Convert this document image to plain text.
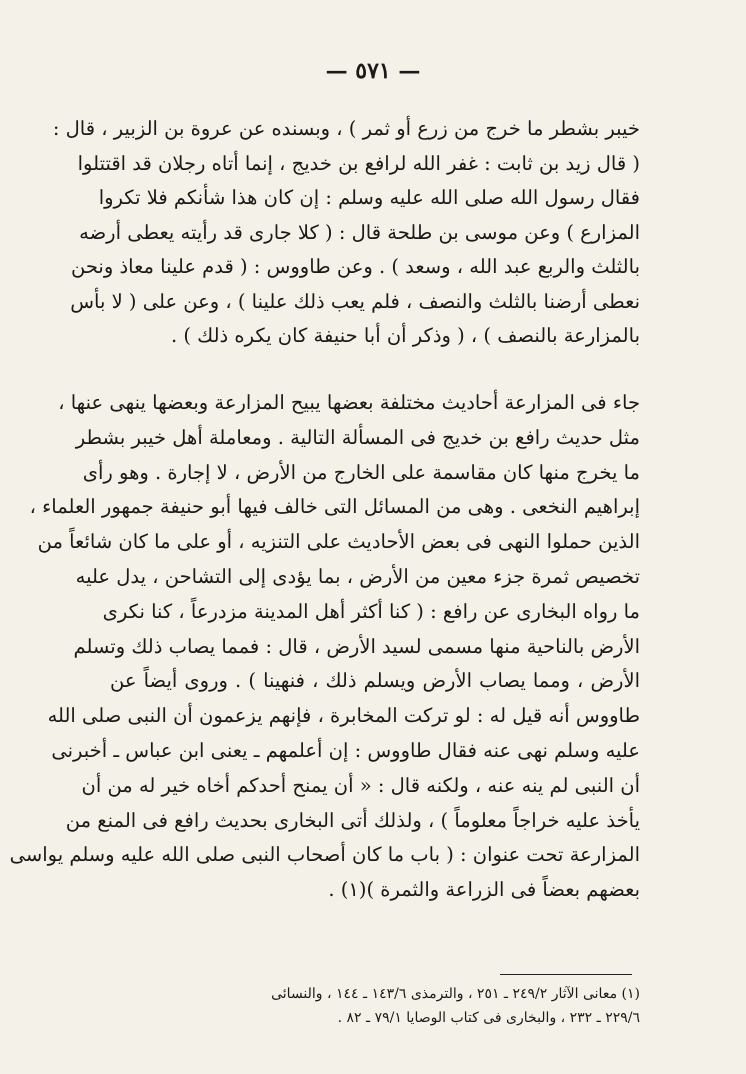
— ٥٧١ —
خيبر بشطر ما خرج من زرع أو ثمر ) ، وبسنده عن عروة بن الزبير ، قال :
( قال زيد بن ثابت : غفر الله لرافع بن خديج ، إنما أتاه رجلان قد اقتتلوا
فقال رسول الله صلى الله عليه وسلم : إن كان هذا شأنكم فلا تكروا
المزارع ) وعن موسى بن طلحة قال : ( كلا جارى قد رأيته يعطى أرضه
بالثلث والربع عبد الله ، وسعد ) . وعن طاووس : ( قدم علينا معاذ ونحن
نعطى أرضنا بالثلث والنصف ، فلم يعب ذلك علينا ) ، وعن على ( لا بأس
بالمزارعة بالنصف ) ، ( وذكر أن أبا حنيفة كان يكره ذلك ) .
جاء فى المزارعة أحاديث مختلفة بعضها يبيح المزارعة وبعضها ينهى عنها ،
مثل حديث رافع بن خديج فى المسألة التالية . ومعاملة أهل خيبر بشطر
ما يخرج منها كان مقاسمة على الخارج من الأرض ، لا إجارة . وهو رأى
إبراهيم النخعى . وهى من المسائل التى خالف فيها أبو حنيفة جمهور العلماء ،
الذين حملوا النهى فى بعض الأحاديث على التنزيه ، أو على ما كان شائعاً من
تخصيص ثمرة جزء معين من الأرض ، بما يؤدى إلى التشاحن ، يدل عليه
ما رواه البخارى عن رافع : ( كنا أكثر أهل المدينة مزدرعاً ، كنا نكرى
الأرض بالناحية منها مسمى لسيد الأرض ، قال : فمما يصاب ذلك وتسلم
الأرض ، ومما يصاب الأرض ويسلم ذلك ، فنهينا ) . وروى أيضاً عن
طاووس أنه قيل له : لو تركت المخابرة ، فإنهم يزعمون أن النبى صلى الله
عليه وسلم نهى عنه فقال طاووس : إن أعلمهم ـ يعنى ابن عباس ـ أخبرنى
أن النبى لم ينه عنه ، ولكنه قال : « أن يمنح أحدكم أخاه خير له من أن
يأخذ عليه خراجاً معلوماً ) ، ولذلك أتى البخارى بحديث رافع فى المنع من
المزارعة تحت عنوان : ( باب ما كان أصحاب النبى صلى الله عليه وسلم يواسى
بعضهم بعضاً فى الزراعة والثمرة )(١) .
(١) معانى الآثار ٢٤٩/٢ ـ ٢٥١ ، والترمذى ١٤٣/٦ ـ ١٤٤ ، والنسائى
٢٢٩/٦ ـ ٢٣٢ ، والبخارى فى كتاب الوصايا ٧٩/١ ـ ٨٢ .
